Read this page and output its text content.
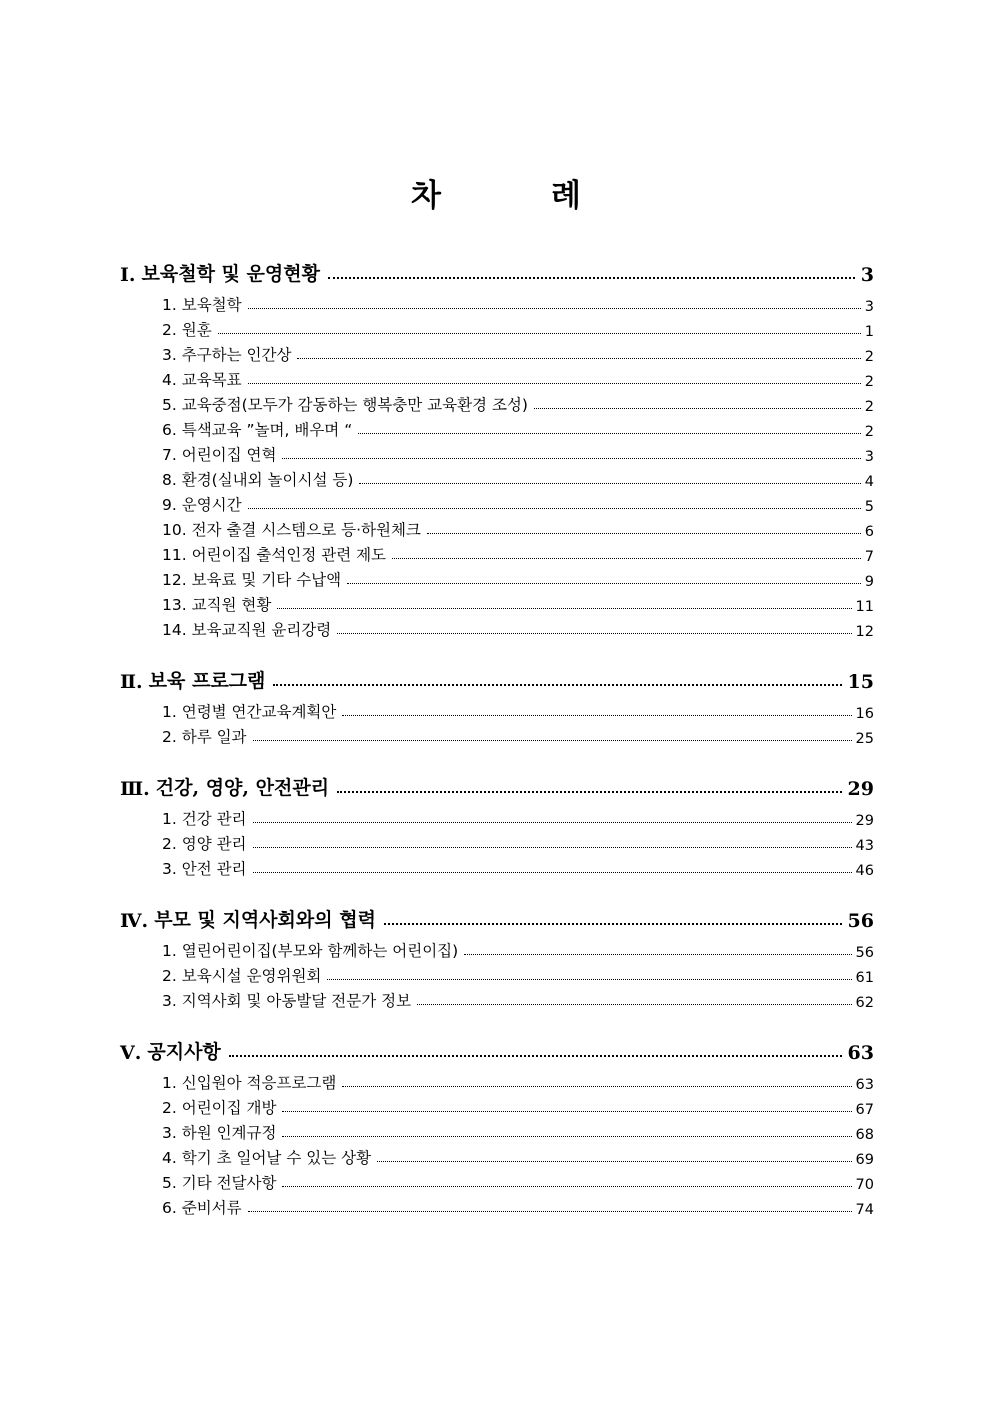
차	례
Ⅰ. 보육철학 및 운영현황	3
1. 보육철학	3
2. 원훈	1
3. 추구하는 인간상	2
4. 교육목표	2
5. 교육중점(모두가 감동하는 행복충만 교육환경 조성)	2
6. 특색교육 ”놀며, 배우며 “	2
7. 어린이집 연혁	3
8. 환경(실내외 놀이시설 등)	4
9. 운영시간	5
10. 전자 출결 시스템으로 등·하원체크	6
11. 어린이집 출석인정 관련 제도	7
12. 보육료 및 기타 수납액	9
13. 교직원 현황	11
14. 보육교직원 윤리강령	12
Ⅱ. 보육 프로그램	15
1. 연령별 연간교육계획안	16
2. 하루 일과	25
Ⅲ. 건강, 영양, 안전관리	29
1. 건강 관리	29
2. 영양 관리	43
3. 안전 관리	46
Ⅳ. 부모 및 지역사회와의 협력	56
1. 열린어린이집(부모와 함께하는 어린이집)	56
2. 보육시설 운영위원회	61
3. 지역사회 및 아동발달 전문가 정보	62
Ⅴ. 공지사항	63
1. 신입원아 적응프로그램	63
2. 어린이집 개방	67
3. 하원 인계규정	68
4. 학기 초 일어날 수 있는 상황	69
5. 기타 전달사항	70
6. 준비서류	74
